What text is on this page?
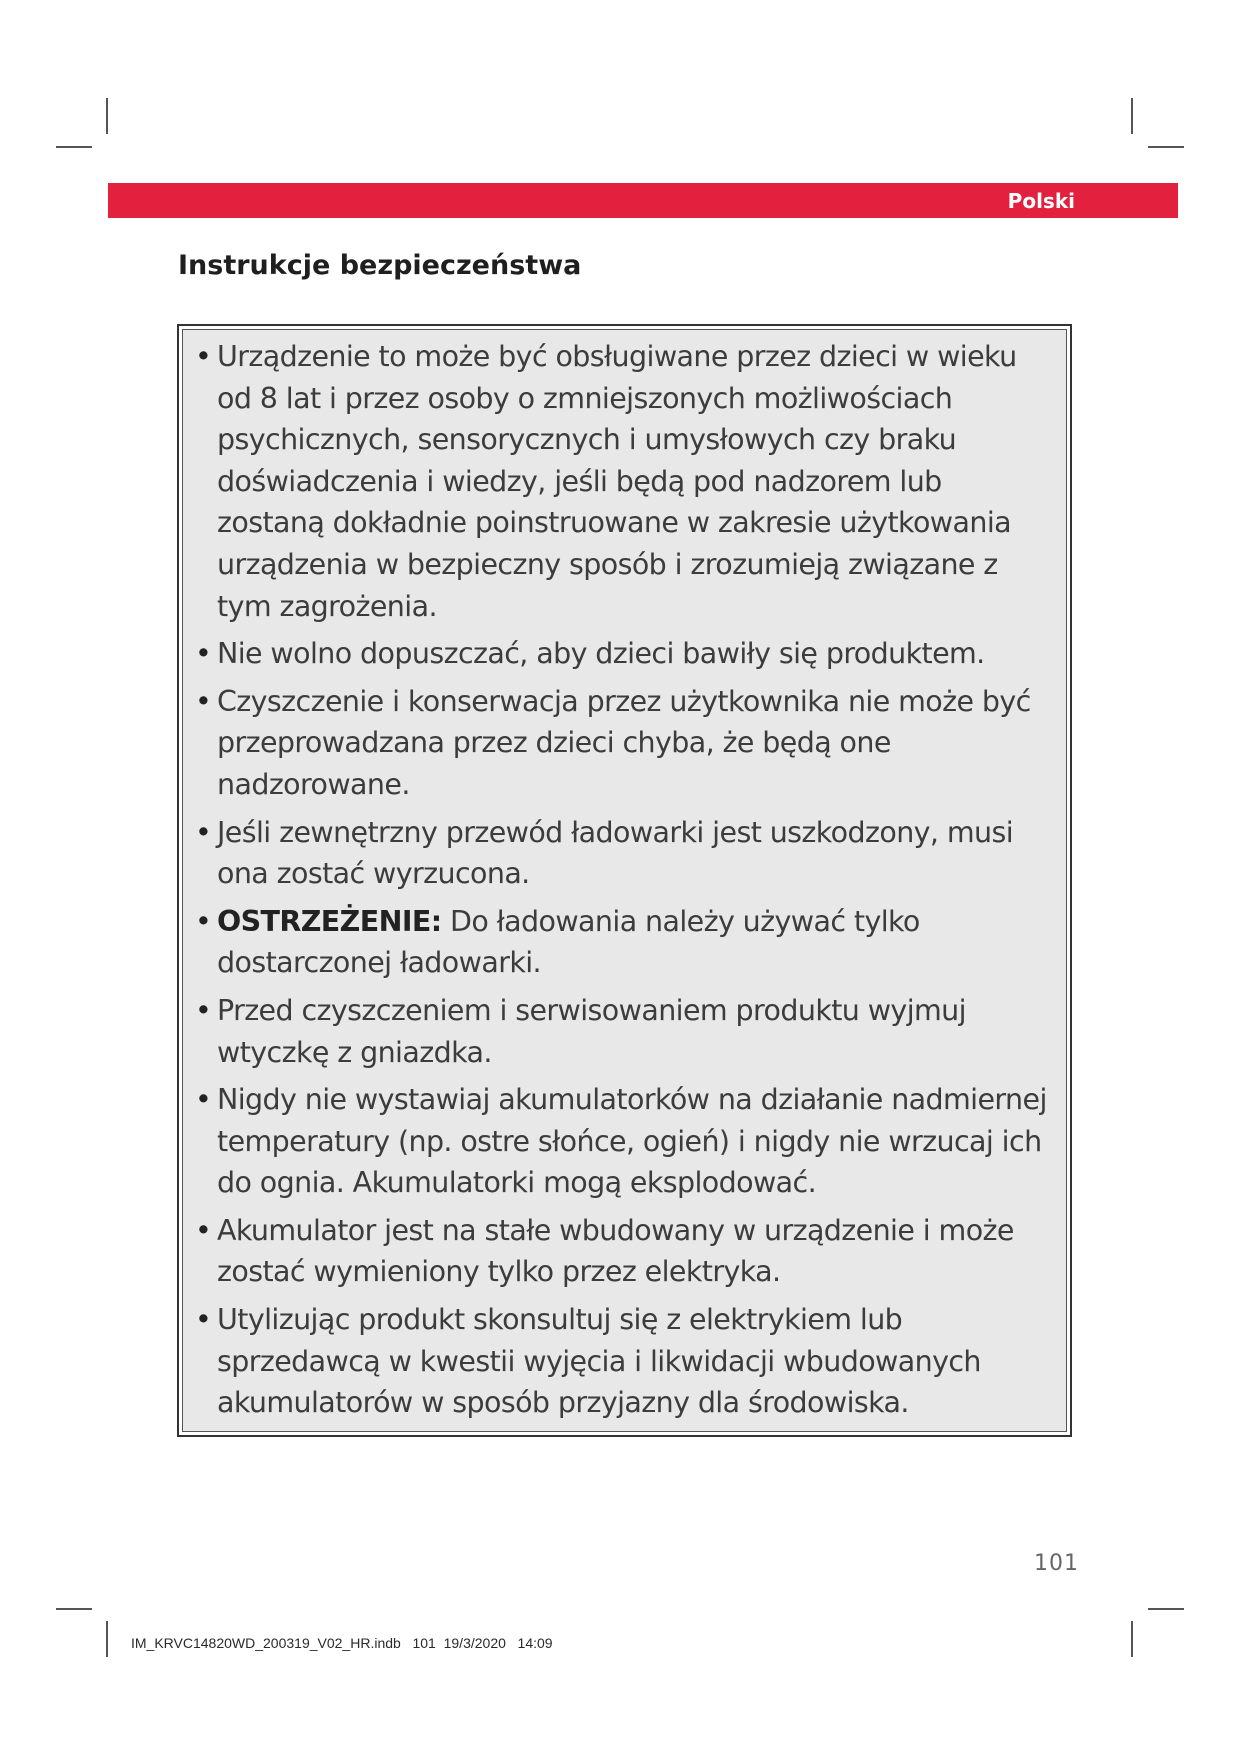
Polski
Instrukcje bezpieczeństwa
• Urządzenie to może być obsługiwane przez dzieci w wieku od 8 lat i przez osoby o zmniejszonych możliwościach psychicznych, sensorycznych i umysłowych czy braku doświadczenia i wiedzy, jeśli będą pod nadzorem lub zostaną dokładnie poinstruowane w zakresie użytkowania urządzenia w bezpieczny sposób i zrozumieją związane z tym zagrożenia.
• Nie wolno dopuszczać, aby dzieci bawiły się produktem.
• Czyszczenie i konserwacja przez użytkownika nie może być przeprowadzana przez dzieci chyba, że będą one nadzorowane.
• Jeśli zewnętrzny przewód ładowarki jest uszkodzony, musi ona zostać wyrzucona.
• OSTRZEŻENIE: Do ładowania należy używać tylko dostarczonej ładowarki.
• Przed czyszczeniem i serwisowaniem produktu wyjmuj wtyczkę z gniazdka.
• Nigdy nie wystawiaj akumulatorków na działanie nadmiernej temperatury (np. ostre słońce, ogień) i nigdy nie wrzucaj ich do ognia. Akumulatorki mogą eksplodować.
• Akumulator jest na stałe wbudowany w urządzenie i może zostać wymieniony tylko przez elektryka.
• Utylizując produkt skonsultuj się z elektrykiem lub sprzedawcą w kwestii wyjęcia i likwidacji wbudowanych akumulatorów w sposób przyjazny dla środowiska.
101
IM_KRVC14820WD_200319_V02_HR.indb   101  19/3/2020   14:09
